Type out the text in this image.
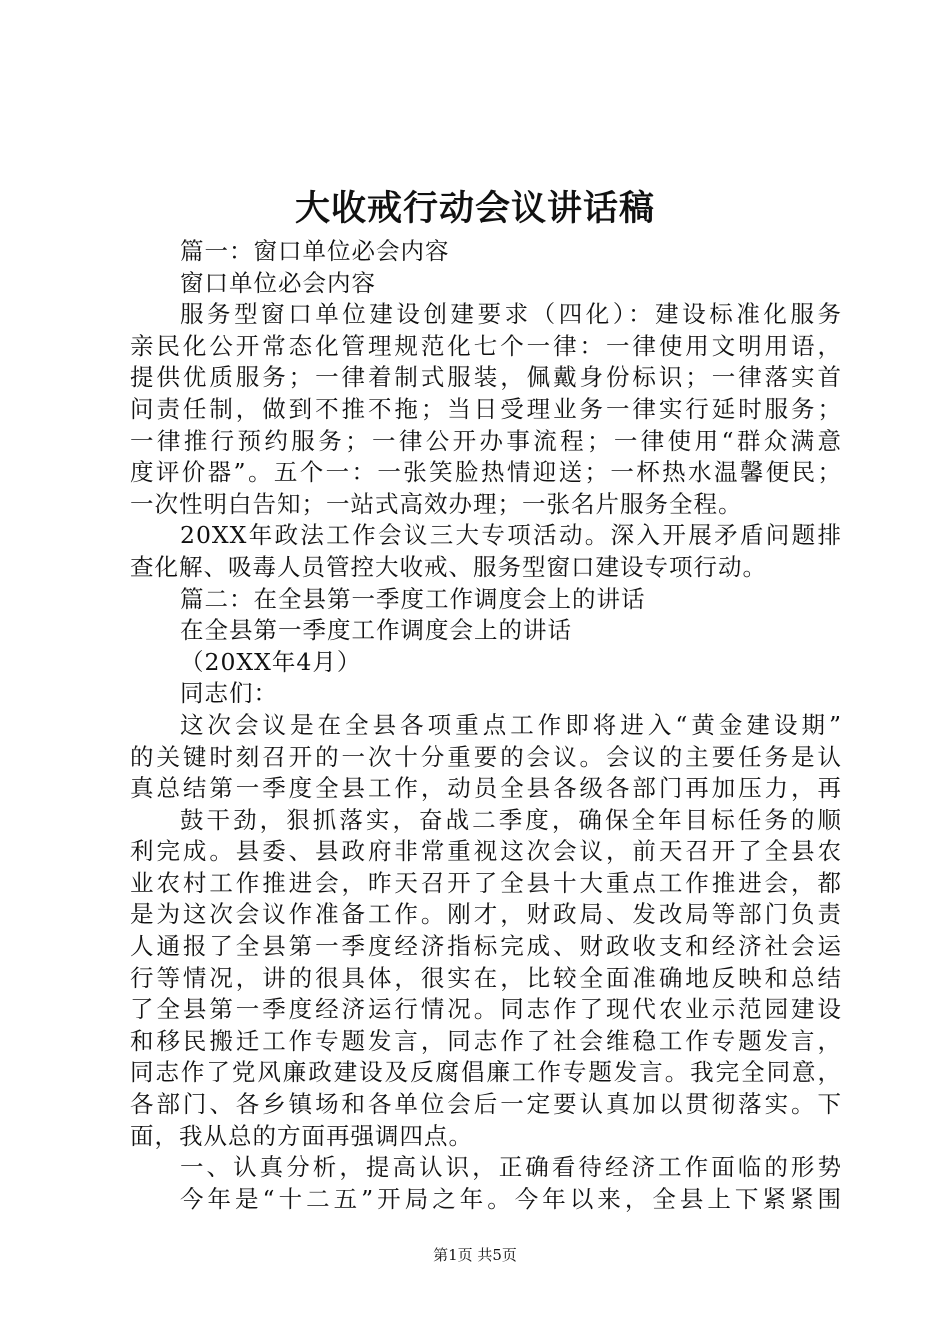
大收戒行动会议讲话稿
篇一：窗口单位必会内容
窗口单位必会内容
服务型窗口单位建设创建要求（四化）：建设标准化服务
亲民化公开常态化管理规范化七个一律：一律使用文明用语，
提供优质服务；一律着制式服装，佩戴身份标识；一律落实首
问责任制，做到不推不拖；当日受理业务一律实行延时服务；
一律推行预约服务；一律公开办事流程；一律使用“群众满意
度评价器”。五个一：一张笑脸热情迎送；一杯热水温馨便民；
一次性明白告知；一站式高效办理；一张名片服务全程。
20XX年政法工作会议三大专项活动。深入开展矛盾问题排
查化解、吸毒人员管控大收戒、服务型窗口建设专项行动。
篇二：在全县第一季度工作调度会上的讲话
在全县第一季度工作调度会上的讲话
（20XX年4月）
同志们：
这次会议是在全县各项重点工作即将进入“黄金建设期”
的关键时刻召开的一次十分重要的会议。会议的主要任务是认
真总结第一季度全县工作，动员全县各级各部门再加压力，再
鼓干劲，狠抓落实，奋战二季度，确保全年目标任务的顺
利完成。县委、县政府非常重视这次会议，前天召开了全县农
业农村工作推进会，昨天召开了全县十大重点工作推进会，都
是为这次会议作准备工作。刚才，财政局、发改局等部门负责
人通报了全县第一季度经济指标完成、财政收支和经济社会运
行等情况，讲的很具体，很实在，比较全面准确地反映和总结
了全县第一季度经济运行情况。同志作了现代农业示范园建设
和移民搬迁工作专题发言，同志作了社会维稳工作专题发言，
同志作了党风廉政建设及反腐倡廉工作专题发言。我完全同意，
各部门、各乡镇场和各单位会后一定要认真加以贯彻落实。下
面，我从总的方面再强调四点。
一、认真分析，提高认识，正确看待经济工作面临的形势
今年是“十二五”开局之年。今年以来，全县上下紧紧围
第1页 共5页
